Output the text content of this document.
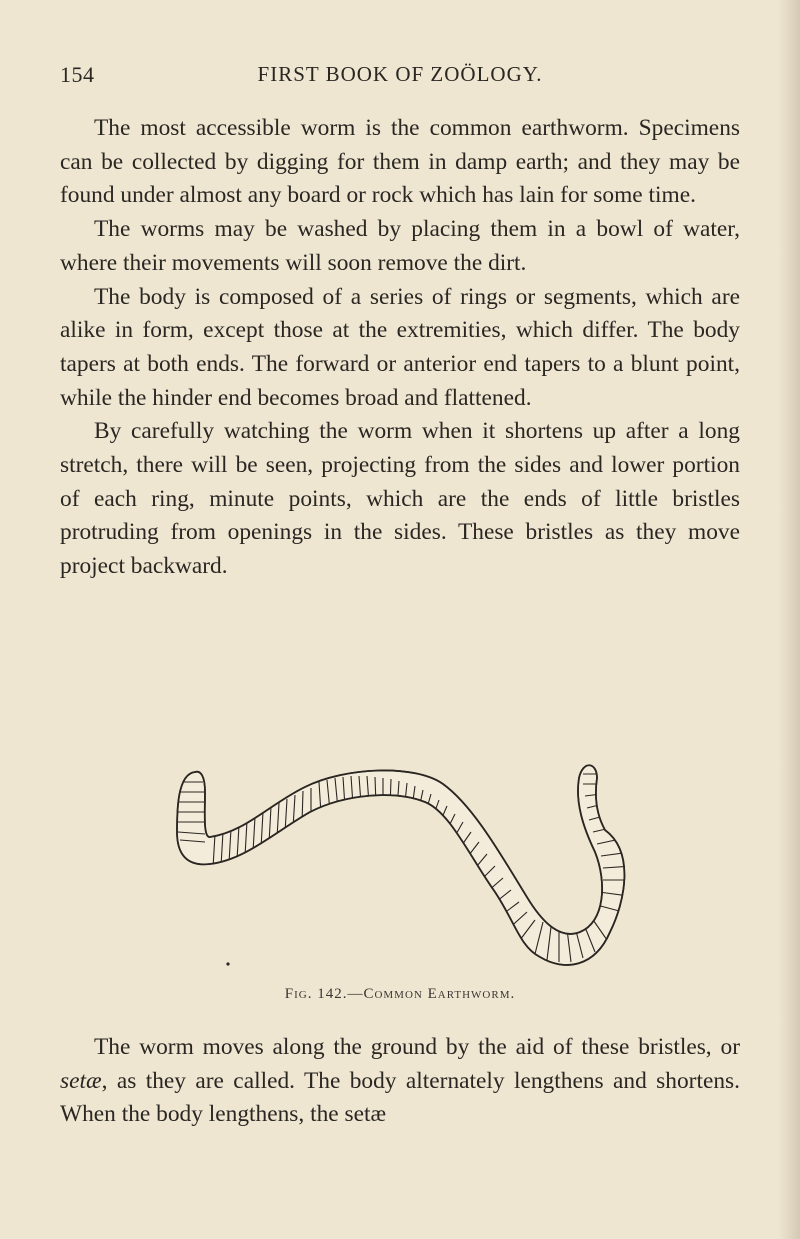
154	FIRST BOOK OF ZOÖLOGY.

The most accessible worm is the common earthworm. Specimens can be collected by digging for them in damp earth; and they may be found under almost any board or rock which has lain for some time.

The worms may be washed by placing them in a bowl of water, where their movements will soon remove the dirt.

The body is composed of a series of rings or segments, which are alike in form, except those at the extremities, which differ. The body tapers at both ends. The forward or anterior end tapers to a blunt point, while the hinder end becomes broad and flattened.

By carefully watching the worm when it shortens up after a long stretch, there will be seen, projecting from the sides and lower portion of each ring, minute points, which are the ends of little bristles protruding from openings in the sides. These bristles as they move project backward.

Fig. 142.—Common Earthworm.

The worm moves along the ground by the aid of these bristles, or setæ, as they are called. The body alternately lengthens and shortens. When the body lengthens, the setæ
